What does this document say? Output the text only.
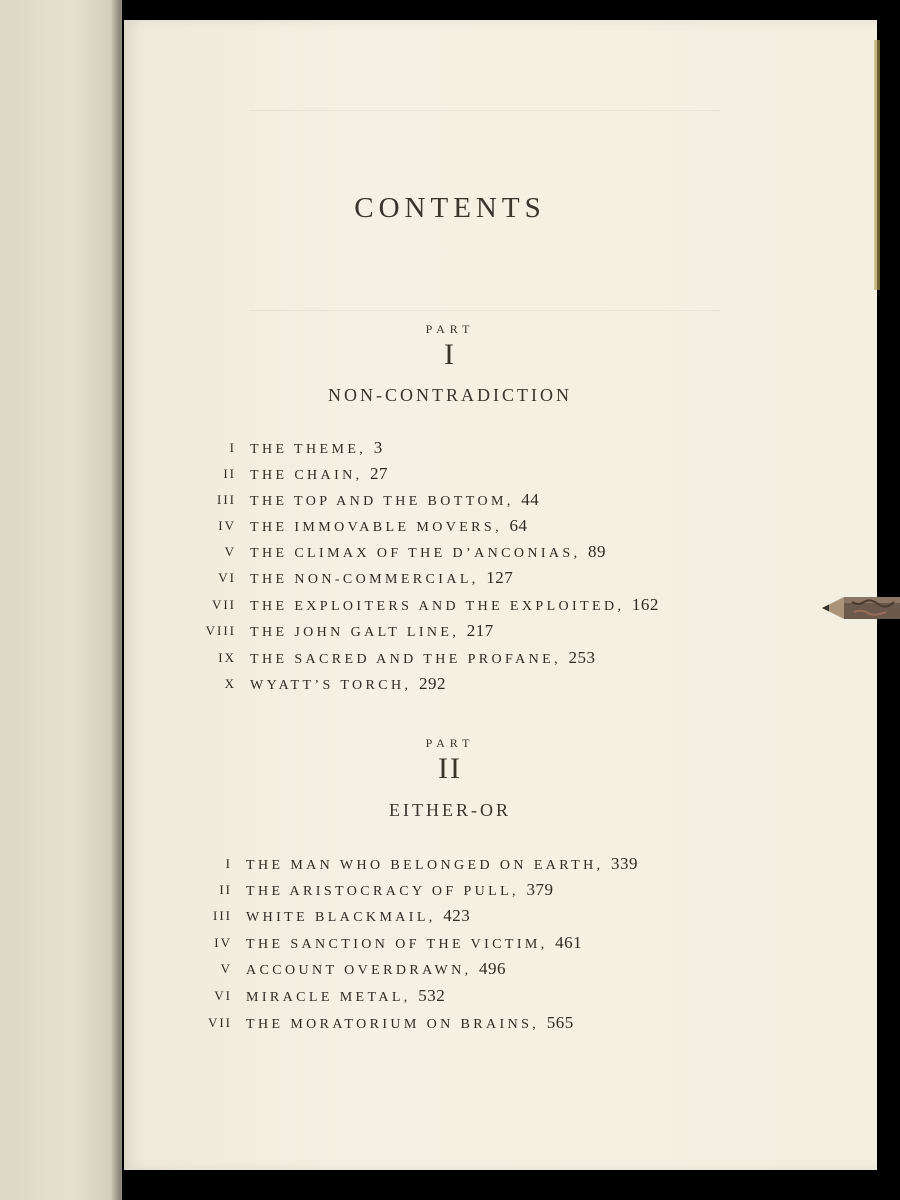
CONTENTS
PART
I
NON-CONTRADICTION
I THE THEME, 3
II THE CHAIN, 27
III THE TOP AND THE BOTTOM, 44
IV THE IMMOVABLE MOVERS, 64
V THE CLIMAX OF THE D’ANCONIAS, 89
VI THE NON-COMMERCIAL, 127
VII THE EXPLOITERS AND THE EXPLOITED, 162
VIII THE JOHN GALT LINE, 217
IX THE SACRED AND THE PROFANE, 253
X WYATT’S TORCH, 292
PART
II
EITHER-OR
I THE MAN WHO BELONGED ON EARTH, 339
II THE ARISTOCRACY OF PULL, 379
III WHITE BLACKMAIL, 423
IV THE SANCTION OF THE VICTIM, 461
V ACCOUNT OVERDRAWN, 496
VI MIRACLE METAL, 532
VII THE MORATORIUM ON BRAINS, 565
